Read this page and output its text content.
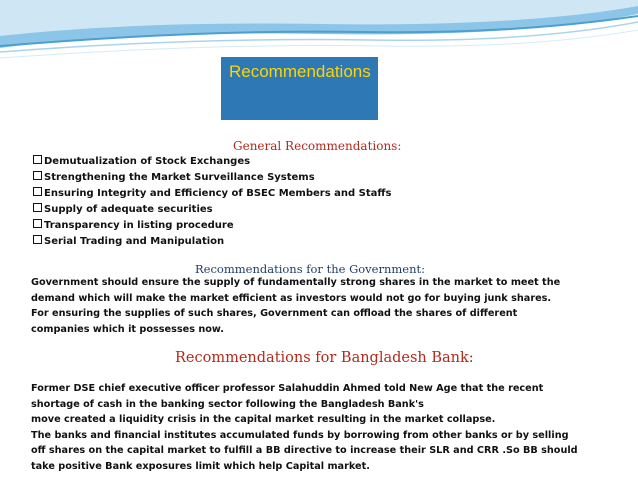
Recommendations
General Recommendations:
Demutualization of Stock Exchanges
Strengthening the Market Surveillance Systems
Ensuring Integrity and Efficiency of BSEC Members and Staffs
Supply of adequate securities
Transparency in listing procedure
Serial Trading and Manipulation
Recommendations for the Government:
Government should ensure the supply of fundamentally strong shares in the market to meet the
demand which will make the market efficient as investors would not go for buying junk shares.
For ensuring the supplies of such shares, Government can offload the shares of different
companies which it possesses now.
Recommendations for Bangladesh Bank:
Former DSE chief executive officer professor Salahuddin Ahmed told New Age that the recent
shortage of cash in the banking sector following the Bangladesh Bank's
move created a liquidity crisis in the capital market resulting in the market collapse.
The banks and financial institutes accumulated funds by borrowing from other banks or by selling
off shares on the capital market to fulfill a BB directive to increase their SLR and CRR .So BB should
take positive Bank exposures limit which help Capital market.
